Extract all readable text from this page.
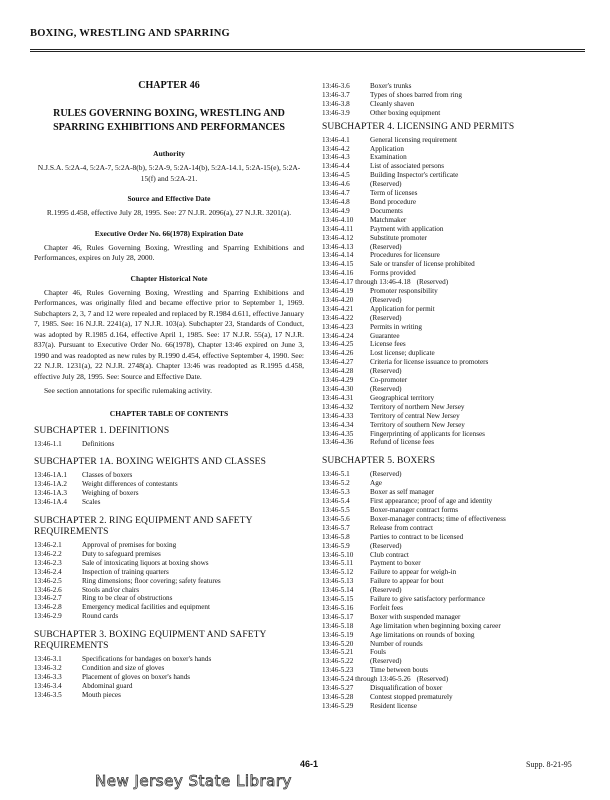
BOXING, WRESTLING AND SPARRING
CHAPTER 46
RULES GOVERNING BOXING, WRESTLING AND SPARRING EXHIBITIONS AND PERFORMANCES
Authority

N.J.S.A. 5:2A-4, 5:2A-7, 5:2A-8(b), 5:2A-9, 5:2A-14(b), 5:2A-14.1, 5:2A-15(e), 5:2A-15(f) and 5:2A-21.

Source and Effective Date

R.1995 d.458, effective July 28, 1995. See: 27 N.J.R. 2096(a), 27 N.J.R. 3201(a).

Executive Order No. 66(1978) Expiration Date

Chapter 46, Rules Governing Boxing, Wrestling and Sparring Exhibitions and Performances, expires on July 28, 2000.

Chapter Historical Note

Chapter 46, Rules Governing Boxing, Wrestling and Sparring Exhibitions and Performances, was originally filed and became effective prior to September 1, 1969. Subchapters 2, 3, 7 and 12 were repealed and replaced by R.1984 d.611, effective January 7, 1985. See: 16 N.J.R. 2241(a), 17 N.J.R. 103(a). Subchapter 23, Standards of Conduct, was adopted by R.1985 d.164, effective April 1, 1985. See: 17 N.J.R. 55(a), 17 N.J.R. 837(a). Pursuant to Executive Order No. 66(1978), Chapter 13:46 expired on June 3, 1990 and was readopted as new rules by R.1990 d.454, effective September 4, 1990. See: 22 N.J.R. 1231(a), 22 N.J.R. 2748(a). Chapter 13:46 was readopted as R.1995 d.458, effective July 28, 1995. See: Source and Effective Date.

See section annotations for specific rulemaking activity.

CHAPTER TABLE OF CONTENTS
SUBCHAPTER 1. DEFINITIONS
13:46-1.1	Definitions
SUBCHAPTER 1A. BOXING WEIGHTS AND CLASSES
13:46-1A.1	Classes of boxers
13:46-1A.2	Weight differences of contestants
13:46-1A.3	Weighing of boxers
13:46-1A.4	Scales
SUBCHAPTER 2. RING EQUIPMENT AND SAFETY REQUIREMENTS
13:46-2.1	Approval of premises for boxing
13:46-2.2	Duty to safeguard premises
13:46-2.3	Sale of intoxicating liquors at boxing shows
13:46-2.4	Inspection of training quarters
13:46-2.5	Ring dimensions; floor covering; safety features
13:46-2.6	Stools and/or chairs
13:46-2.7	Ring to be clear of obstructions
13:46-2.8	Emergency medical facilities and equipment
13:46-2.9	Round cards
SUBCHAPTER 3. BOXING EQUIPMENT AND SAFETY REQUIREMENTS
13:46-3.1	Specifications for bandages on boxer's hands
13:46-3.2	Condition and size of gloves
13:46-3.3	Placement of gloves on boxer's hands
13:46-3.4	Abdominal guard
13:46-3.5	Mouth pieces
13:46-3.6	Boxer's trunks
13:46-3.7	Types of shoes barred from ring
13:46-3.8	Cleanly shaven
13:46-3.9	Other boxing equipment
SUBCHAPTER 4. LICENSING AND PERMITS
13:46-4.1	General licensing requirement
13:46-4.2	Application
13:46-4.3	Examination
13:46-4.4	List of associated persons
13:46-4.5	Building Inspector's certificate
13:46-4.6	(Reserved)
13:46-4.7	Term of licenses
13:46-4.8	Bond procedure
13:46-4.9	Documents
13:46-4.10	Matchmaker
13:46-4.11	Payment with application
13:46-4.12	Substitute promoter
13:46-4.13	(Reserved)
13:46-4.14	Procedures for licensure
13:46-4.15	Sale or transfer of license prohibited
13:46-4.16	Forms provided
13:46-4.17 through 13:46-4.18 (Reserved)
13:46-4.19	Promoter responsibility
13:46-4.20	(Reserved)
13:46-4.21	Application for permit
13:46-4.22	(Reserved)
13:46-4.23	Permits in writing
13:46-4.24	Guarantee
13:46-4.25	License fees
13:46-4.26	Lost license; duplicate
13:46-4.27	Criteria for license issuance to promoters
13:46-4.28	(Reserved)
13:46-4.29	Co-promoter
13:46-4.30	(Reserved)
13:46-4.31	Geographical territory
13:46-4.32	Territory of northern New Jersey
13:46-4.33	Territory of central New Jersey
13:46-4.34	Territory of southern New Jersey
13:46-4.35	Fingerprinting of applicants for licenses
13:46-4.36	Refund of license fees
SUBCHAPTER 5. BOXERS
13:46-5.1	(Reserved)
13:46-5.2	Age
13:46-5.3	Boxer as self manager
13:46-5.4	First appearance; proof of age and identity
13:46-5.5	Boxer-manager contract forms
13:46-5.6	Boxer-manager contracts; time of effectiveness
13:46-5.7	Release from contract
13:46-5.8	Parties to contract to be licensed
13:46-5.9	(Reserved)
13:46-5.10	Club contract
13:46-5.11	Payment to boxer
13:46-5.12	Failure to appear for weigh-in
13:46-5.13	Failure to appear for bout
13:46-5.14	(Reserved)
13:46-5.15	Failure to give satisfactory performance
13:46-5.16	Forfeit fees
13:46-5.17	Boxer with suspended manager
13:46-5.18	Age limitation when beginning boxing career
13:46-5.19	Age limitations on rounds of boxing
13:46-5.20	Number of rounds
13:46-5.21	Fouls
13:46-5.22	(Reserved)
13:46-5.23	Time between bouts
13:46-5.24 through 13:46-5.26 (Reserved)
13:46-5.27	Disqualification of boxer
13:46-5.28	Contest stopped prematurely
13:46-5.29	Resident license
46-1	Supp. 8-21-95
New Jersey State Library
